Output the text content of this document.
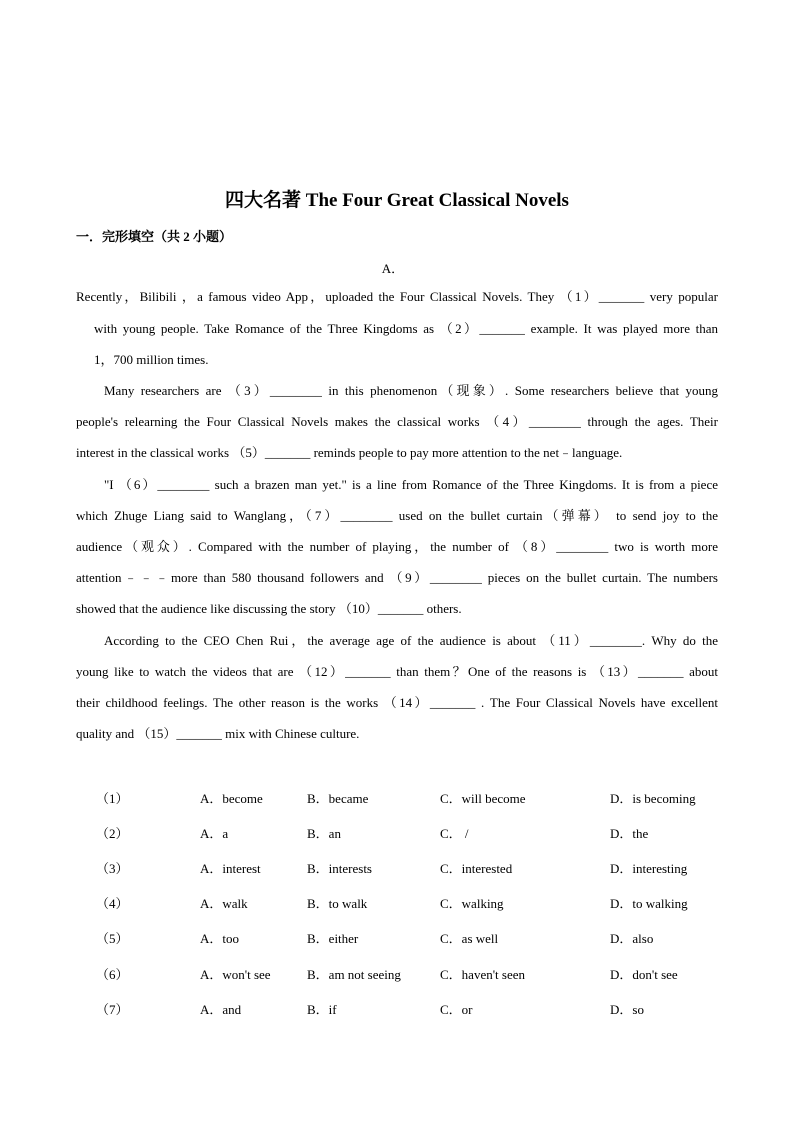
四大名著 The Four Great Classical Novels
一．完形填空（共 2 小题）
A．
Recently，Bilibili ，a famous video App，uploaded the Four Classical Novels. They （1）_______ very popular
with young people. Take Romance of the Three Kingdoms as （2）_______ example. It was played more than
1，700 million times.
Many researchers are （3）________ in this phenomenon（现象）. Some researchers believe that young
people's relearning the Four Classical Novels makes the classical works （4）________ through the ages. Their
interest in the classical works （5）_______ reminds people to pay more attention to the net﹣language.
"I （6）________ such a brazen man yet." is a line from Romance of the Three Kingdoms. It is from a piece
which Zhuge Liang said to Wanglang，（7）________ used on the bullet curtain（弹幕） to send joy to the
audience（观众）. Compared with the number of playing，the number of （8）________ two is worth more
attention﹣﹣﹣more than 580 thousand followers and （9）________ pieces on the bullet curtain. The numbers
showed that the audience like discussing the story （10）_______ others.
According to the CEO Chen Rui，the average age of the audience is about （11）________. Why do the
young like to watch the videos that are （12）_______ than them？One of the reasons is （13）_______ about
their childhood feelings. The other reason is the works （14）_______ . The Four Classical Novels have excellent
quality and （15）_______ mix with Chinese culture.
（1）	A．become	B．became	C．will become	D．is becoming
（2）	A．a	B．an	C． /	D．the
（3）	A．interest	B．interests	C．interested	D．interesting
（4）	A．walk	B．to walk	C．walking	D．to walking
（5）	A．too	B．either	C．as well	D．also
（6）	A．won't see	B．am not seeing	C．haven't seen	D．don't see
（7）	A．and	B．if	C．or	D．so
